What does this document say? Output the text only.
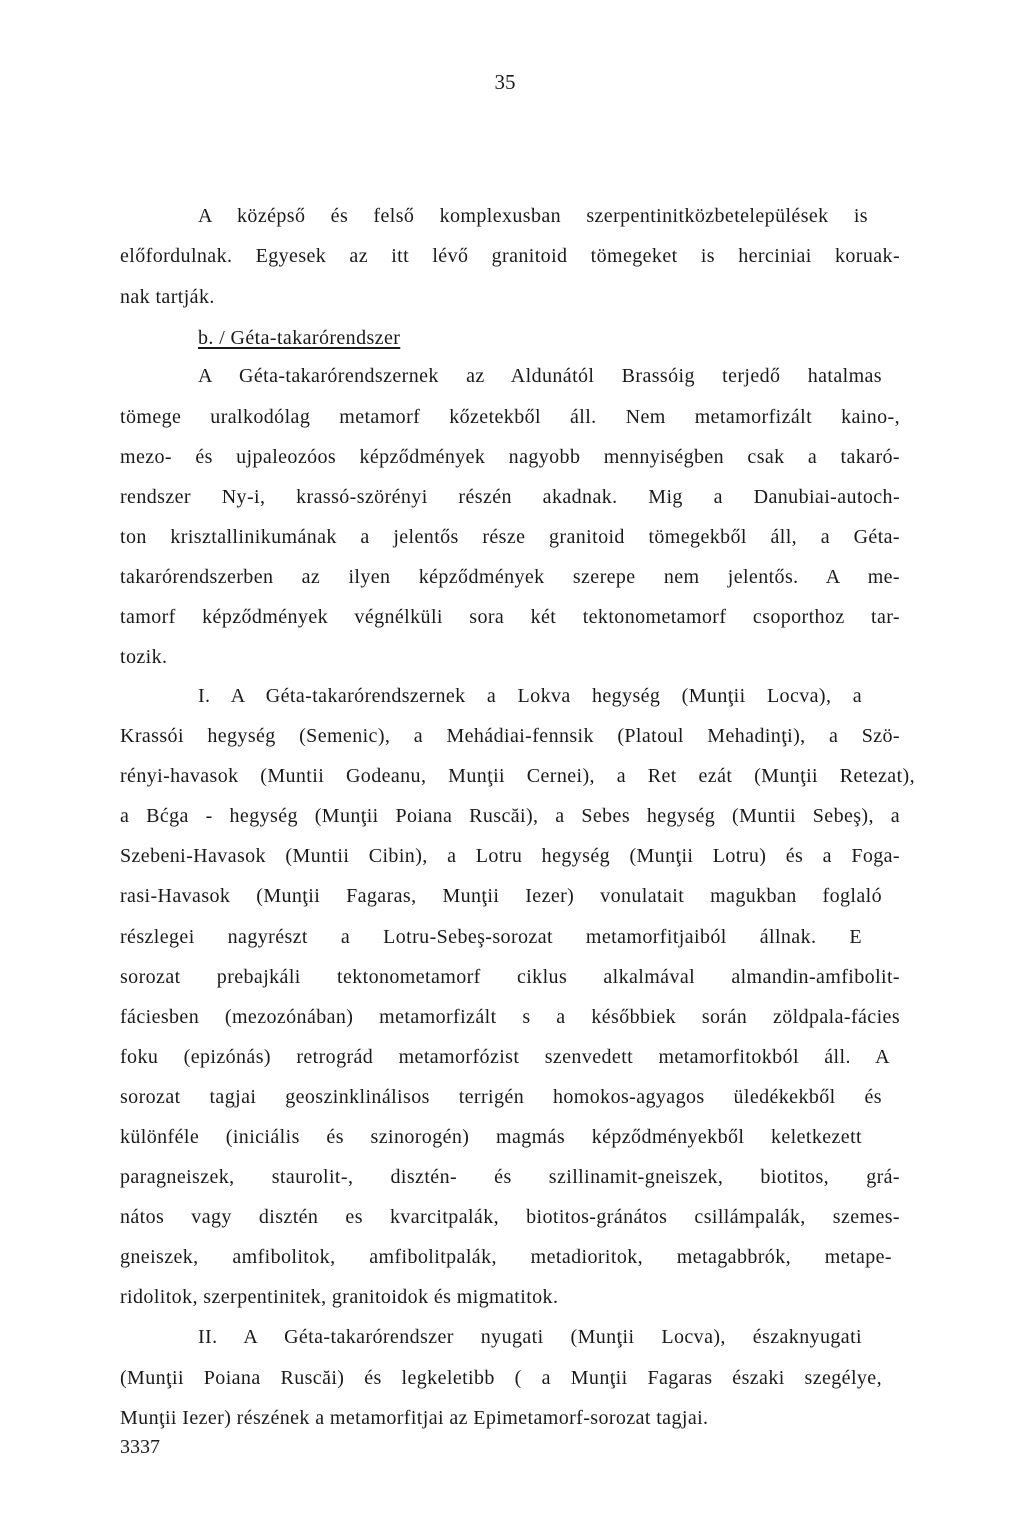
35
A középső és felső komplexusban szerpentinitközbetelepülések is
előfordulnak. Egyesek az itt lévő granitoid tömegeket is herciniai koruak-
nak tartják.
b. / Géta-takarórendszer
A Géta-takarórendszernek az Aldunától Brassóig terjedő hatalmas
tömege uralkodólag metamorf kőzetekből áll. Nem metamorfizált kaino-,
mezo- és ujpaleozóos képződmények nagyobb mennyiségben csak a takaró-
rendszer Ny-i, krassó-szörényi részén akadnak. Mig a Danubiai-autoch-
ton krisztallinikumának a jelentős része granitoid tömegekből áll, a Géta-
takarórendszerben az ilyen képződmények szerepe nem jelentős. A me-
tamorf képződmények végnélküli sora két tektonometamorf csoporthoz tar-
tozik.
I. A Géta-takarórendszernek a Lokva hegység (Munţii Locva), a
Krassói hegység (Semenic), a Mehádiai-fennsik (Platoul Mehadinţi), a Szö-
rényi-havasok (Muntii Godeanu, Munţii Cernei), a Ret ezát (Munţii Retezat),
a Bćga - hegység (Munţii Poiana Ruscăi), a Sebes hegység (Muntii Sebeş), a
Szebeni-Havasok (Muntii Cibin), a Lotru hegység (Munţii Lotru) és a Foga-
rasi-Havasok (Munţii Fagaras, Munţii Iezer) vonulatait magukban foglaló
részlegei nagyrészt a Lotru-Sebeş-sorozat metamorfitjaiból állnak. E
sorozat prebajkáli tektonometamorf ciklus alkalmával almandin-amfibolit-
fáciesben (mezozónában) metamorfizált s a későbbiek során zöldpala-fácies
foku (epizónás) retrográd metamorfózist szenvedett metamorfitokból áll. A
sorozat tagjai geoszinklinálisos terrigén homokos-agyagos üledékekből és
különféle (iniciális és szinorogén) magmás képződményekből keletkezett
paragneiszek, staurolit-, disztén- és szillinamit-gneiszek, biotitos, grá-
nátos vagy disztén es kvarcitpalák, biotitos-gránátos csillámpalák, szemes-
gneiszek, amfibolitok, amfibolitpalák, metadioritok, metagabbrók, metape-
ridolitok, szerpentinitek, granitoidok és migmatitok.
II. A Géta-takarórendszer nyugati (Munţii Locva), északnyugati
(Munţii Poiana Ruscăi) és legkeletibb ( a Munţii Fagaras északi szegélye,
Munţii Iezer) részének a metamorfitjai az Epimetamorf-sorozat tagjai.
3337
